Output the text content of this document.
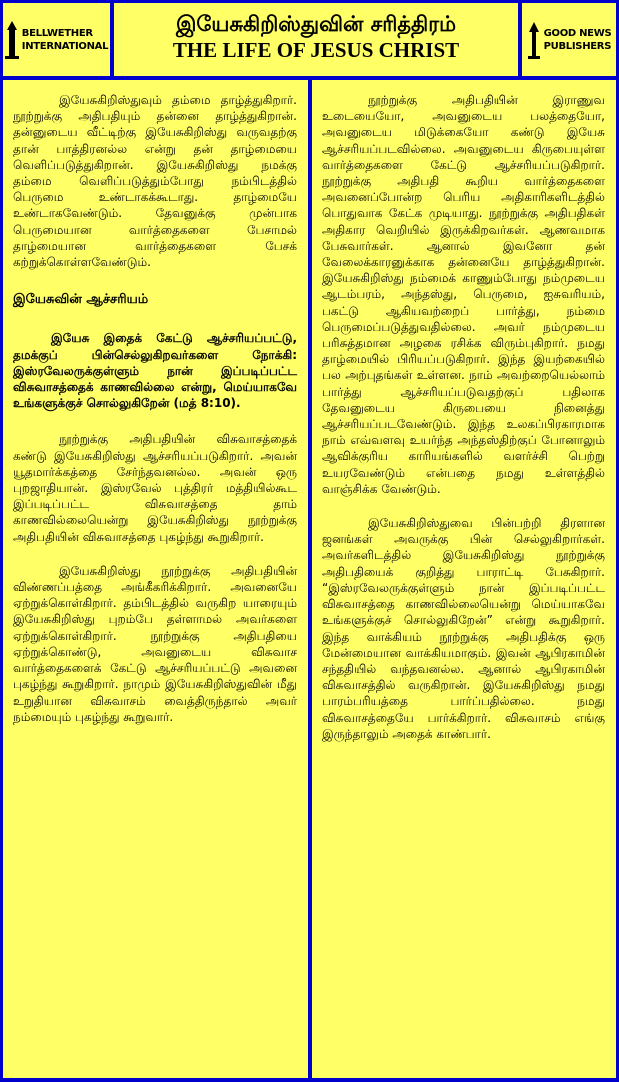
BELLWETHER
INTERNATIONAL
இயேசுகிறிஸ்துவின் சரித்திரம்
THE LIFE OF JESUS CHRIST
GOOD NEWS
PUBLISHERS

இயேசுகிறிஸ்துவும் தம்மை தாழ்த்துகிறார். நூற்றுக்கு அதிபதியும் தன்னை தாழ்த்துகிறான். தன்னுடைய வீட்டிற்கு இயேசுகிறிஸ்து வருவதற்கு தான் பாத்திரனல்ல என்று தன் தாழ்மையை வெளிப்படுத்துகிறான். இயேசுகிறிஸ்து நமக்கு தம்மை வெளிப்படுத்தும்போது நம்பிடத்தில் பெருமை உண்டாகக்கூடாது. தாழ்மையே உண்டாகவேண்டும். தேவனுக்கு முன்பாக பெருமையான வார்த்தைகளை பேசாமல் தாழ்மையான வார்த்தைகளை பேசக் கற்றுக்கொள்ளவேண்டும்.

இயேசுவின் ஆச்சரியம்

இயேசு இதைக் கேட்டு ஆச்சரியப்பட்டு, தமக்குப் பின்செல்லுகிறவர்களை நோக்கி: இஸ்ரவேலருக்குள்ளும் நான் இப்படிப்பட்ட விசுவாசத்தைக் காணவில்லை என்று, மெய்யாகவே உங்களுக்குச் சொல்லுகிறேன் (மத் 8:10).

நூற்றுக்கு அதிபதியின் விசுவாசத்தைக் கண்டு இயேசுகிறிஸ்து ஆச்சரியப்படுகிறார். அவன் யூதமார்க்கத்தை சேர்ந்தவனல்ல. அவன் ஒரு புறஜாதியான். இஸ்ரவேல் புத்திரர் மத்தியில்கூட இப்படிப்பட்ட விசுவாசத்தை தாம் காணவில்லையென்று இயேசுகிறிஸ்து நூற்றுக்கு அதிபதியின் விசுவாசத்தை புகழ்ந்து கூறுகிறார்.

இயேசுகிறிஸ்து நூற்றுக்கு அதிபதியின் விண்ணப்பத்தை அங்கீகரிக்கிறார். அவனையே ஏற்றுக்கொள்கிறார். தம்பிடத்தில் வருகிற யாரையும் இயேசுகிறிஸ்து புறம்பே தள்ளாமல் அவர்களை ஏற்றுக்கொள்கிறார். நூற்றுக்கு அதிபதியை ஏற்றுக்கொண்டு, அவனுடைய விசுவாச வார்த்தைகளைக் கேட்டு ஆச்சரியப்பட்டு அவனை புகழ்ந்து கூறுகிறார். நாமும் இயேசுகிறிஸ்துவின் மீது உறுதியான விசுவாசம் வைத்திருந்தால் அவர் நம்மையும் புகழ்ந்து கூறுவார்.

நூற்றுக்கு அதிபதியின் இராணுவ உடையையோ, அவனுடைய பலத்தையோ, அவனுடைய மிடுக்கையோ கண்டு இயேசு ஆச்சரியப்படவில்லை. அவனுடைய கிருபையுள்ள வார்த்தைகளை கேட்டு ஆச்சரியப்படுகிறார். நூற்றுக்கு அதிபதி கூறிய வார்த்தைகளை அவனைப்போன்ற பெரிய அதிகாரிகளிடத்தில் பொதுவாக கேட்க முடியாது. நூற்றுக்கு அதிபதிகள் அதிகார வெறியில் இருக்கிறவர்கள். ஆணவமாக பேசுவார்கள். ஆனால் இவனோ தன் வேலைக்காரனுக்காக தன்னையே தாழ்த்துகிறான். இயேசுகிறிஸ்து நம்மைக் காணும்போது நம்முடைய ஆடம்பரம், அந்தஸ்து, பெருமை, ஐசுவரியம், பகட்டு ஆகியவற்றைப் பார்த்து, நம்மை பெருமைப்படுத்துவதில்லை. அவர் நம்முடைய பரிசுத்தமான அழகை ரசிக்க விரும்புகிறார். நமது தாழ்மையில் பிரியப்படுகிறார். இந்த இயற்கையில் பல அற்புதங்கள் உள்ளன. நாம் அவற்றையெல்லாம் பார்த்து ஆச்சரியப்படுவதற்குப் பதிலாக தேவனுடைய கிருபையை நினைத்து ஆச்சரியப்படவேண்டும். இந்த உலகப்பிரகாரமாக நாம் எவ்வளவு உயர்ந்த அந்தஸ்திற்குப் போனாலும் ஆவிக்குரிய காரியங்களில் வளர்ச்சி பெற்று உயரவேண்டும் என்பதை நமது உள்ளத்தில் வாஞ்சிக்க வேண்டும்.

இயேசுகிறிஸ்துவை பின்பற்றி திரளான ஜனங்கள் அவருக்கு பின் செல்லுகிறார்கள். அவர்களிடத்தில் இயேசுகிறிஸ்து நூற்றுக்கு அதிபதியைக் குறித்து பாராட்டி பேசுகிறார். “இஸ்ரவேலருக்குள்ளும் நான் இப்படிப்பட்ட விசுவாசத்தை காணவில்லையென்று மெய்யாகவே உங்களுக்குச் சொல்லுகிறேன்” என்று கூறுகிறார். இந்த வாக்கியம் நூற்றுக்கு அதிபதிக்கு ஒரு மேன்மையான வாக்கியமாகும். இவன் ஆபிரகாமின் சந்ததியில் வந்தவனல்ல. ஆனால் ஆபிரகாமின் விசுவாசத்தில் வருகிறான். இயேசுகிறிஸ்து நமது பாரம்பரியத்தை பார்ப்பதில்லை. நமது விசுவாசத்தையே பார்க்கிறார். விசுவாசம் எங்கு இருந்தாலும் அதைக் காண்பார்.
